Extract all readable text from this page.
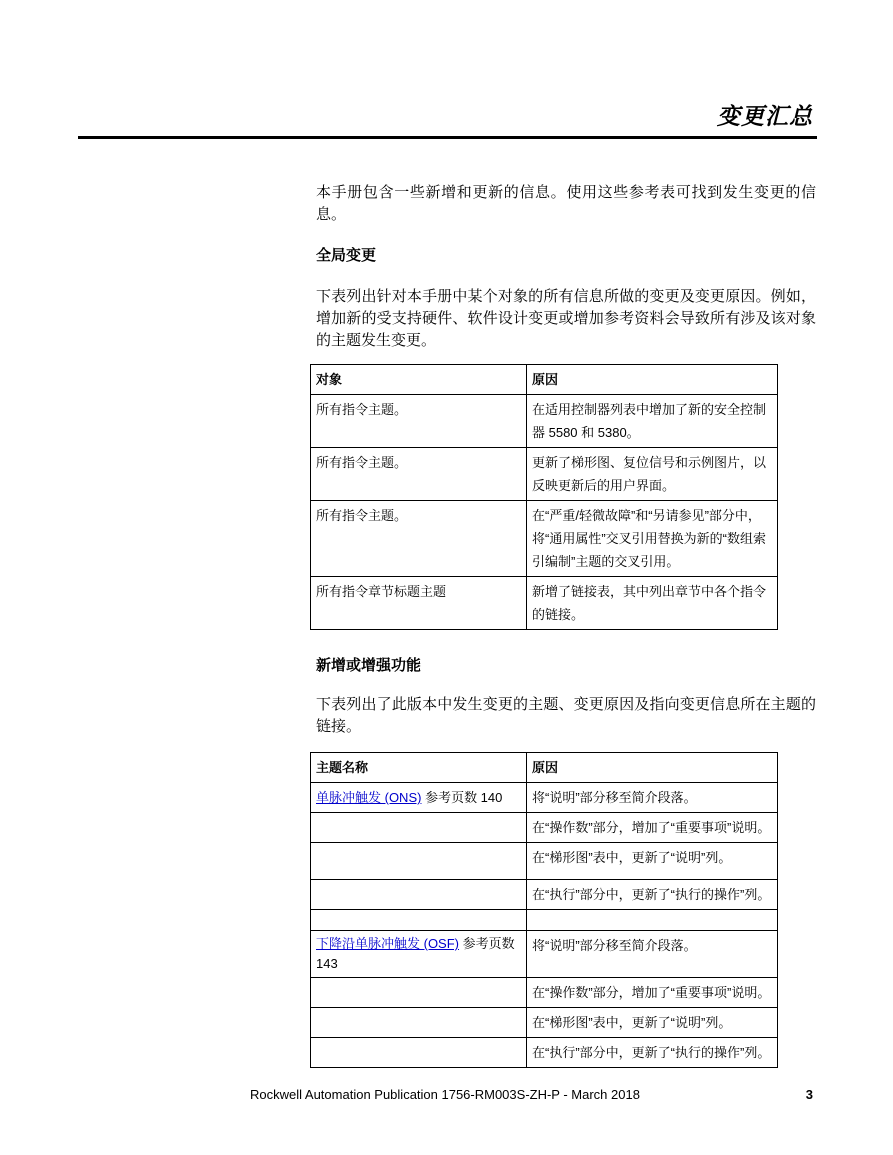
变更汇总
本手册包含一些新增和更新的信息。使用这些参考表可找到发生变更的信息。
全局变更
下表列出针对本手册中某个对象的所有信息所做的变更及变更原因。例如，增加新的受支持硬件、软件设计变更或增加参考资料会导致所有涉及该对象的主题发生变更。
对象	原因
所有指令主题。	在适用控制器列表中增加了新的安全控制器 5580 和 5380。
所有指令主题。	更新了梯形图、复位信号和示例图片，以反映更新后的用户界面。
所有指令主题。	在“严重/轻微故障”和“另请参见”部分中，将“通用属性”交叉引用替换为新的“数组索引编制”主题的交叉引用。
所有指令章节标题主题	新增了链接表，其中列出章节中各个指令的链接。
新增或增强功能
下表列出了此版本中发生变更的主题、变更原因及指向变更信息所在主题的链接。
主题名称	原因
单脉冲触发 (ONS) 参考页数 140	将“说明”部分移至简介段落。
	在“操作数”部分，增加了“重要事项”说明。
	在“梯形图”表中，更新了“说明”列。
	在“执行”部分中，更新了“执行的操作”列。

下降沿单脉冲触发 (OSF) 参考页数 143	将“说明”部分移至简介段落。
	在“操作数”部分，增加了“重要事项”说明。
	在“梯形图”表中，更新了“说明”列。
	在“执行”部分中，更新了“执行的操作”列。
Rockwell Automation Publication 1756-RM003S-ZH-P - March 2018	3
